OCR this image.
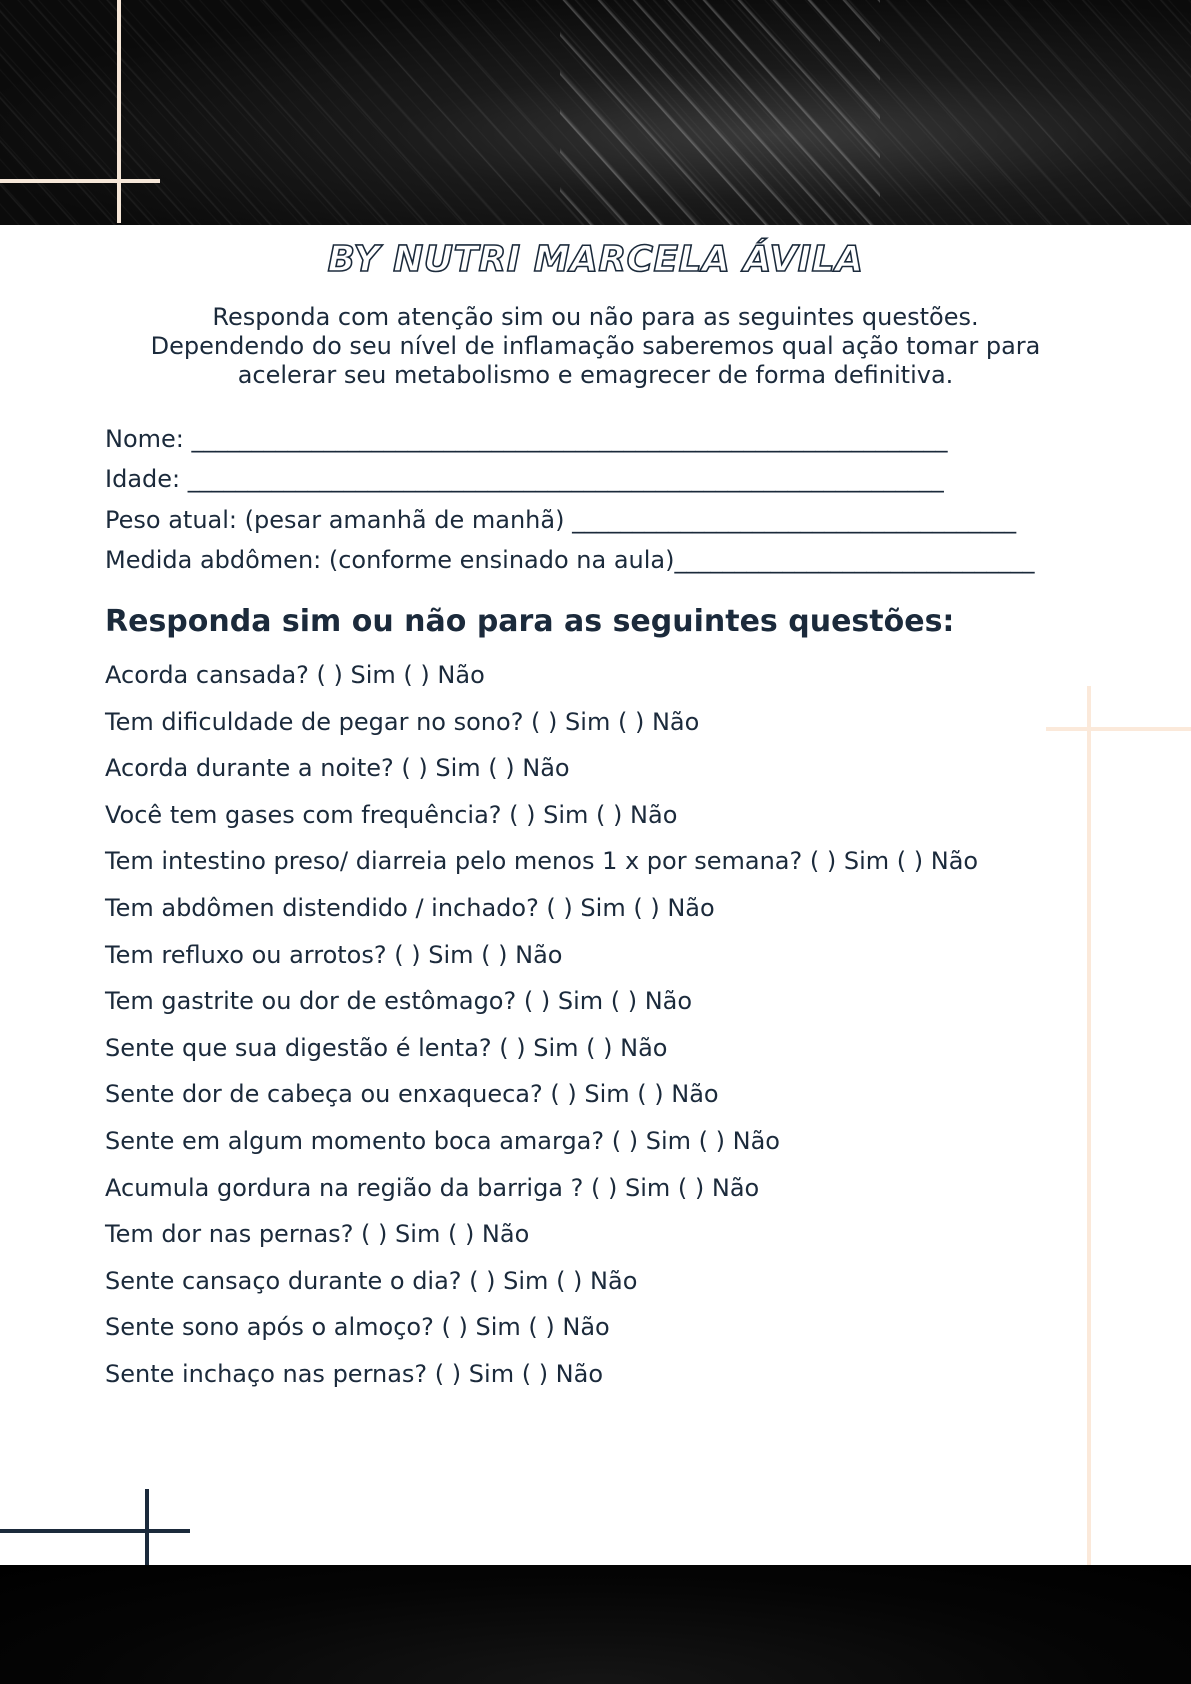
BY NUTRI MARCELA ÁVILA
Responda com atenção sim ou não para as seguintes questões.
Dependendo do seu nível de inflamação saberemos qual ação tomar para
acelerar seu metabolismo e emagrecer de forma definitiva.
Nome: _______________________________________________________________
Idade: _______________________________________________________________
Peso atual: (pesar amanhã de manhã) _____________________________________
Medida abdômen: (conforme ensinado na aula)______________________________
Responda sim ou não para as seguintes questões:
Acorda cansada? ( ) Sim ( ) Não
Tem dificuldade de pegar no sono? ( ) Sim ( ) Não
Acorda durante a noite? ( ) Sim ( ) Não
Você tem gases com frequência? ( ) Sim ( ) Não
Tem intestino preso/ diarreia pelo menos 1 x por semana? ( ) Sim ( ) Não
Tem abdômen distendido / inchado? ( ) Sim ( ) Não
Tem refluxo ou arrotos? ( ) Sim ( ) Não
Tem gastrite ou dor de estômago? ( ) Sim ( ) Não
Sente que sua digestão é lenta? ( ) Sim ( ) Não
Sente dor de cabeça ou enxaqueca? ( ) Sim ( ) Não
Sente em algum momento boca amarga? ( ) Sim ( ) Não
Acumula gordura na região da barriga ? ( ) Sim ( ) Não
Tem dor nas pernas? ( ) Sim ( ) Não
Sente cansaço durante o dia? ( ) Sim ( ) Não
Sente sono após o almoço? ( ) Sim ( ) Não
Sente inchaço nas pernas? ( ) Sim ( ) Não
